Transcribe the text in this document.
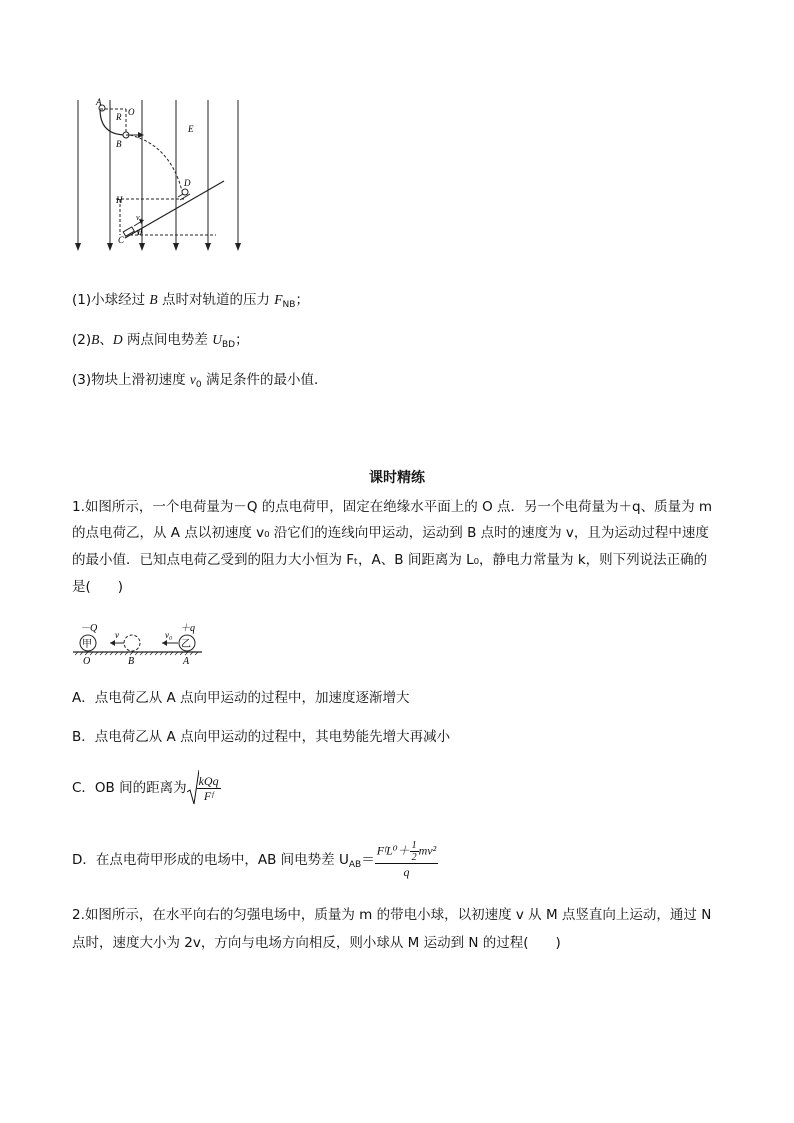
A
R O
E
B
D
H
v₀
θ
C
(1)小球经过 B 点时对轨道的压力 $F_{NB}$；
(2)B、D 两点间电势差 $U_{BD}$；
(3)物块上滑初速度 $v_0$ 满足条件的最小值．
课时精练
1.如图所示，一个电荷量为－Q 的点电荷甲，固定在绝缘水平面上的 O 点．另一个电荷量为＋q、质量为 m
的点电荷乙，从 A 点以初速度 v₀ 沿它们的连线向甲运动，运动到 B 点时的速度为 v，且为运动过程中速度
的最小值．已知点电荷乙受到的阻力大小恒为 Fₜ，A、B 间距离为 L₀，静电力常量为 k，则下列说法正确的
是(　　)
甲
－Q
v
乙
＋q
v₀
O	B	A
A．点电荷乙从 A 点向甲运动的过程中，加速度逐渐增大
B．点电荷乙从 A 点向甲运动的过程中，其电势能先增大再减小
C．OB 间的距离为 $\frac{\text{kQq}}{\text{Fᶠ}}$
D．在点电荷甲形成的电场中，AB 间电势差 $U_{AB}= \frac{FᶠL^0+ \frac{1}{2} mv^2}{q}$
2.如图所示，在水平向右的匀强电场中，质量为 m 的带电小球，以初速度 v 从 M 点竖直向上运动，通过 N
点时，速度大小为 2v，方向与电场方向相反，则小球从 M 运动到 N 的过程(　　)
